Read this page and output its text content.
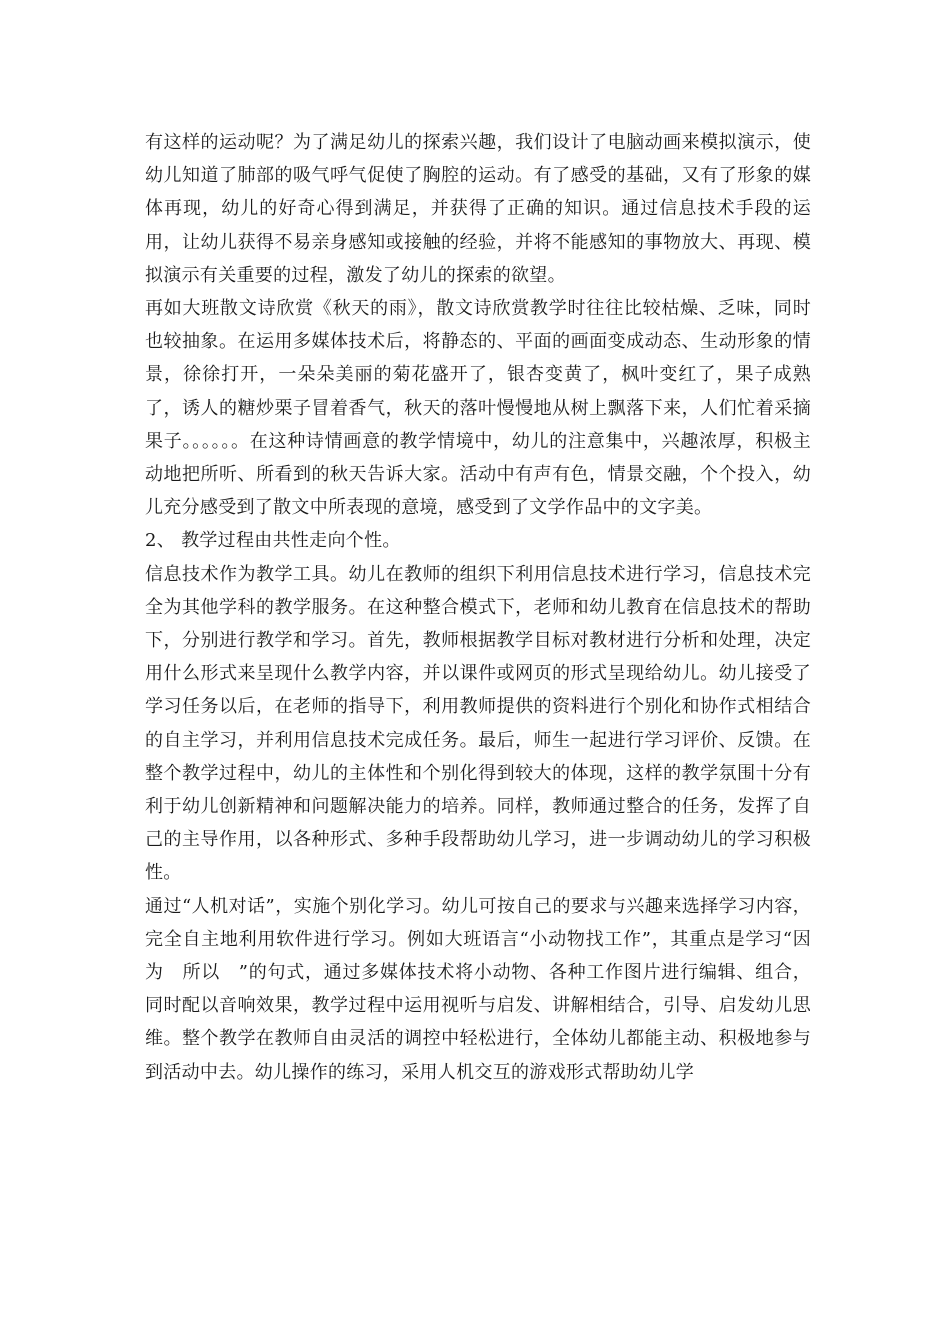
有这样的运动呢？为了满足幼儿的探索兴趣，我们设计了电脑动画来模拟演示，使幼儿知道了肺部的吸气呼气促使了胸腔的运动。有了感受的基础，又有了形象的媒体再现，幼儿的好奇心得到满足，并获得了正确的知识。通过信息技术手段的运用，让幼儿获得不易亲身感知或接触的经验，并将不能感知的事物放大、再现、模拟演示有关重要的过程，激发了幼儿的探索的欲望。

再如大班散文诗欣赏《秋天的雨》，散文诗欣赏教学时往往比较枯燥、乏味，同时也较抽象。在运用多媒体技术后，将静态的、平面的画面变成动态、生动形象的情景，徐徐打开，一朵朵美丽的菊花盛开了，银杏变黄了，枫叶变红了，果子成熟了，诱人的糖炒栗子冒着香气，秋天的落叶慢慢地从树上飘落下来，人们忙着采摘果子。。。。。。在这种诗情画意的教学情境中，幼儿的注意集中，兴趣浓厚，积极主动地把所听、所看到的秋天告诉大家。活动中有声有色，情景交融，个个投入，幼儿充分感受到了散文中所表现的意境，感受到了文学作品中的文字美。

2、 教学过程由共性走向个性。

信息技术作为教学工具。幼儿在教师的组织下利用信息技术进行学习，信息技术完全为其他学科的教学服务。在这种整合模式下，老师和幼儿教育在信息技术的帮助下，分别进行教学和学习。首先，教师根据教学目标对教材进行分析和处理，决定用什么形式来呈现什么教学内容，并以课件或网页的形式呈现给幼儿。幼儿接受了学习任务以后，在老师的指导下，利用教师提供的资料进行个别化和协作式相结合的自主学习，并利用信息技术完成任务。最后，师生一起进行学习评价、反馈。在整个教学过程中，幼儿的主体性和个别化得到较大的体现，这样的教学氛围十分有利于幼儿创新精神和问题解决能力的培养。同样，教师通过整合的任务，发挥了自己的主导作用，以各种形式、多种手段帮助幼儿学习，进一步调动幼儿的学习积极性。

通过“人机对话”，实施个别化学习。幼儿可按自己的要求与兴趣来选择学习内容，完全自主地利用软件进行学习。例如大班语言“小动物找工作”，其重点是学习“因为　所以　”的句式，通过多媒体技术将小动物、各种工作图片进行编辑、组合，同时配以音响效果，教学过程中运用视听与启发、讲解相结合，引导、启发幼儿思维。整个教学在教师自由灵活的调控中轻松进行，全体幼儿都能主动、积极地参与到活动中去。幼儿操作的练习，采用人机交互的游戏形式帮助幼儿学
